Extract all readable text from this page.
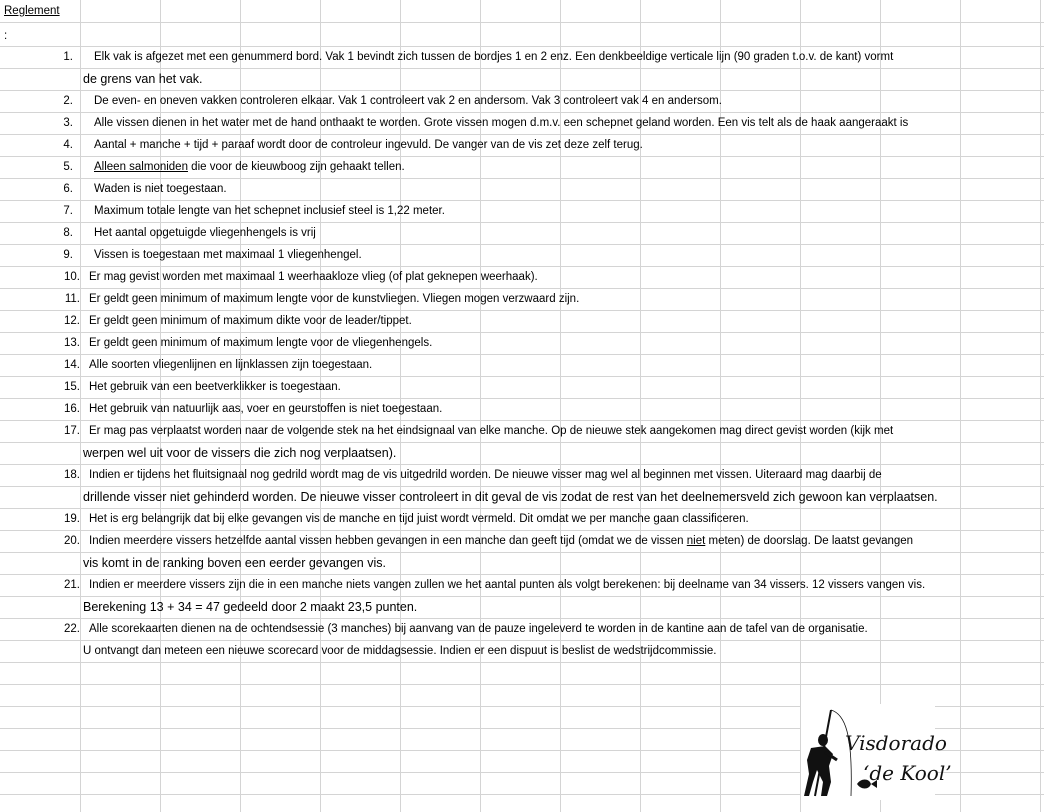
Reglement
:
1. Elk vak is afgezet met een genummerd bord. Vak 1 bevindt zich tussen de bordjes 1 en 2 enz. Een denkbeeldige verticale lijn (90 graden t.o.v. de kant) vormt
de grens van het vak.
2. De even- en oneven vakken controleren elkaar. Vak 1 controleert vak 2 en andersom. Vak 3 controleert vak 4 en andersom.
3. Alle vissen dienen in het water met de hand onthaakt te worden. Grote vissen mogen d.m.v. een schepnet geland worden. Een vis telt als de haak aangeraakt is
4. Aantal + manche + tijd + paraaf wordt door de controleur ingevuld. De vanger van de vis zet deze zelf terug.
5. Alleen salmoniden die voor de kieuwboog zijn gehaakt tellen.
6. Waden is niet toegestaan.
7. Maximum totale lengte van het schepnet inclusief steel is 1,22 meter.
8. Het aantal opgetuigde vliegenhengels is vrij
9. Vissen is toegestaan met maximaal 1 vliegenhengel.
10. Er mag gevist worden met maximaal 1 weerhaakloze vlieg (of plat geknepen weerhaak).
11. Er geldt geen minimum of maximum lengte voor de kunstvliegen. Vliegen mogen verzwaard zijn.
12. Er geldt geen minimum of maximum dikte voor de leader/tippet.
13. Er geldt geen minimum of maximum lengte voor de vliegenhengels.
14. Alle soorten vliegenlijnen en lijnklassen zijn toegestaan.
15. Het gebruik van een beetverklikker is toegestaan.
16. Het gebruik van natuurlijk aas, voer en geurstoffen is niet toegestaan.
17. Er mag pas verplaatst worden naar de volgende stek na het eindsignaal van elke manche. Op de nieuwe stek aangekomen mag direct gevist worden (kijk met
werpen wel uit voor de vissers die zich nog verplaatsen).
18. Indien er tijdens het fluitsignaal nog gedrild wordt mag de vis uitgedrild worden. De nieuwe visser mag wel al beginnen met vissen. Uiteraard mag daarbij de
drillende visser niet gehinderd worden. De nieuwe visser controleert in dit geval de vis zodat de rest van het deelnemersveld zich gewoon kan verplaatsen.
19. Het is erg belangrijk dat bij elke gevangen vis de manche en tijd juist wordt vermeld. Dit omdat we per manche gaan classificeren.
20. Indien meerdere vissers hetzelfde aantal vissen hebben gevangen in een manche dan geeft tijd (omdat we de vissen niet meten) de doorslag. De laatst gevangen
vis komt in de ranking boven een eerder gevangen vis.
21. Indien er meerdere vissers zijn die in een manche niets vangen zullen we het aantal punten als volgt berekenen: bij deelname van 34 vissers. 12 vissers vangen vis.
Berekening 13 + 34 = 47 gedeeld door 2 maakt 23,5 punten.
22. Alle scorekaarten dienen na de ochtendsessie (3 manches) bij aanvang van de pauze ingeleverd te worden in de kantine aan de tafel van de organisatie.
U ontvangt dan meteen een nieuwe scorecard voor de middagsessie. Indien er een dispuut is beslist de wedstrijdcommissie.
Visdorado
‘de Kool’
